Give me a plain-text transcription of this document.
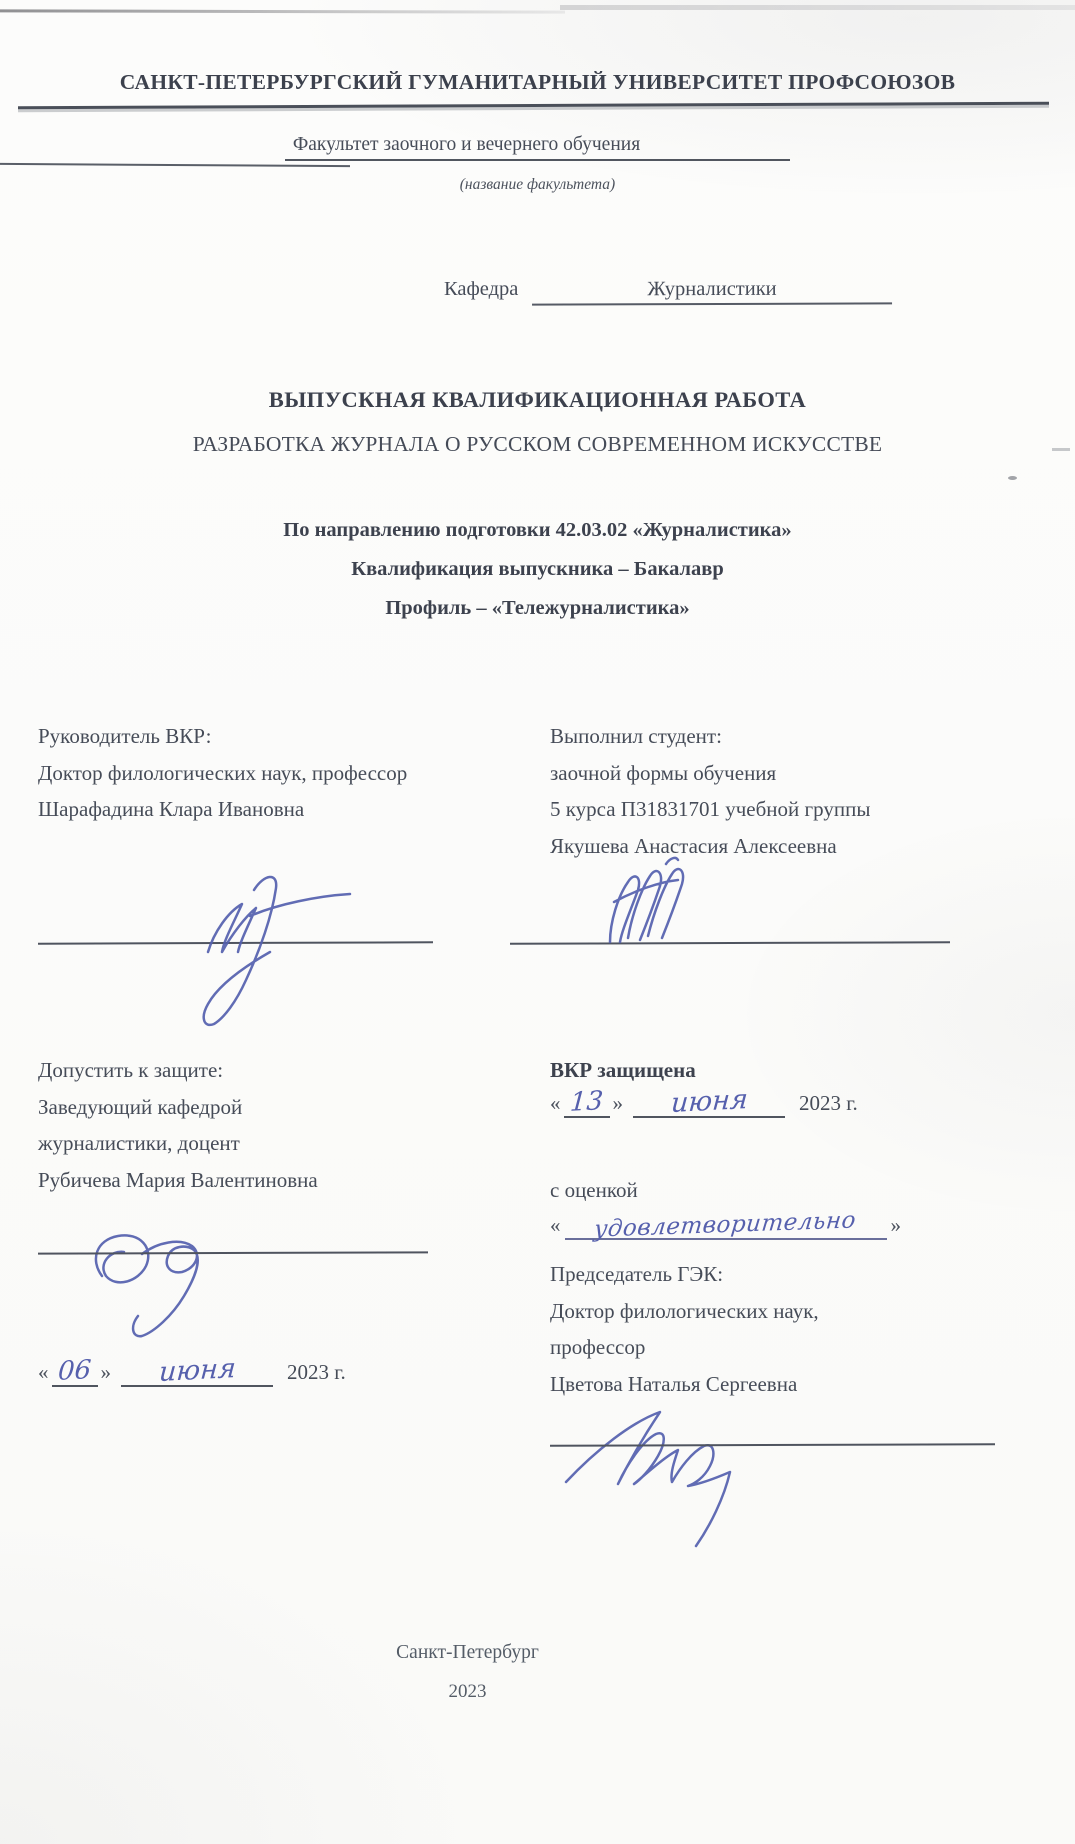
САНКТ-ПЕТЕРБУРГСКИЙ ГУМАНИТАРНЫЙ УНИВЕРСИТЕТ ПРОФСОЮЗОВ
Факультет заочного и вечернего обучения
(название факультета)
Кафедра	Журналистики
ВЫПУСКНАЯ КВАЛИФИКАЦИОННАЯ РАБОТА
РАЗРАБОТКА ЖУРНАЛА О РУССКОМ СОВРЕМЕННОМ ИСКУССТВЕ
По направлению подготовки 42.03.02 «Журналистика»
Квалификация выпускника – Бакалавр
Профиль – «Тележурналистика»
Руководитель ВКР:
Доктор филологических наук, профессор
Шарафадина Клара Ивановна
Выполнил студент:
заочной формы обучения
5 курса П31831701 учебной группы
Якушева Анастасия Алексеевна
Допустить к защите:
Заведующий кафедрой
журналистики, доцент
Рубичева Мария Валентиновна
« 06 » июня 2023 г.
ВКР защищена
« 13 » июня 2023 г.
с оценкой
« удовлетворительно »
Председатель ГЭК:
Доктор филологических наук,
профессор
Цветова Наталья Сергеевна
Санкт-Петербург
2023
